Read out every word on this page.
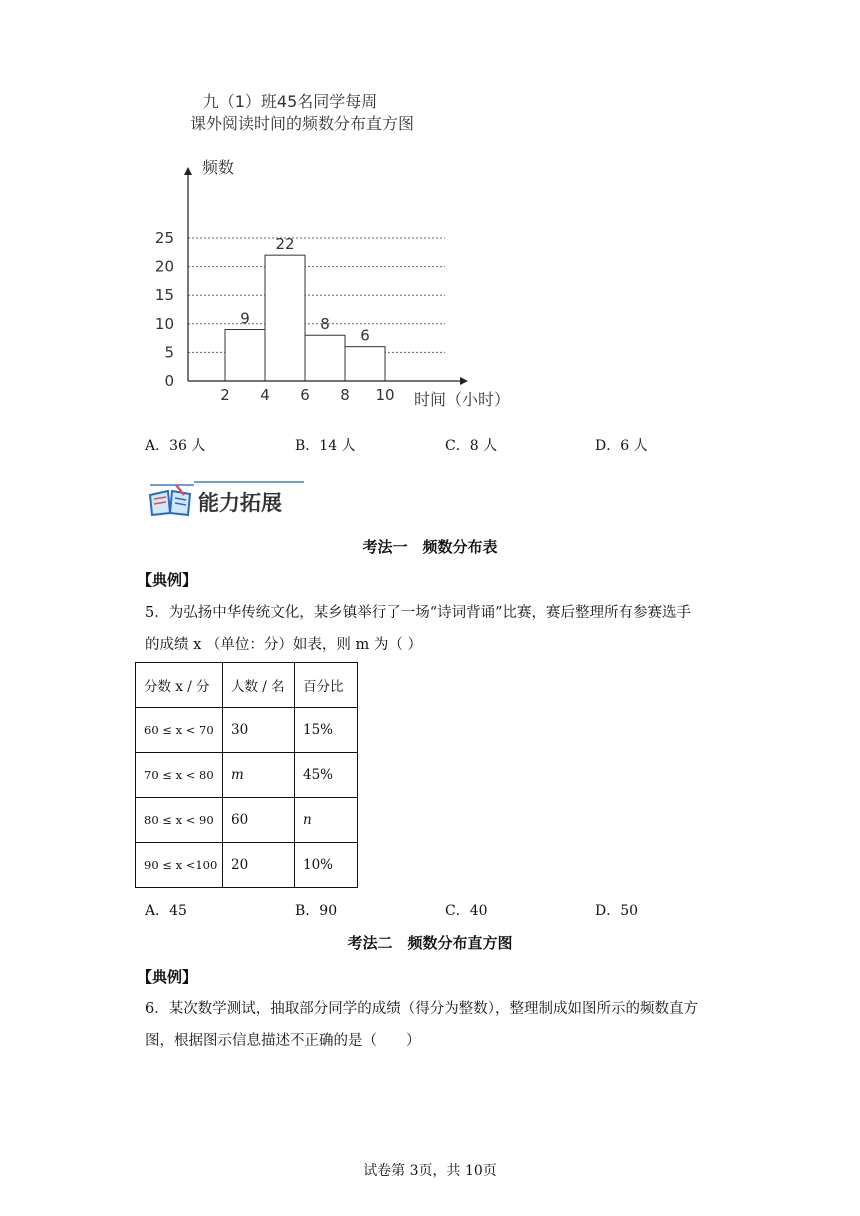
九（1）班45名同学每周
课外阅读时间的频数分布直方图
0
5
10
15
20
25
2 4 6 8 10
9
22
8
6
频数
时间（小时）
A．36 人	B．14 人	C．8 人	D．6 人
能力拓展
考法一　频数分布表
【典例】
5．为弘扬中华传统文化，某乡镇举行了一场“诗词背诵”比赛，赛后整理所有参赛选手
的成绩 x （单位：分）如表，则 m 为（ ）
分数 x / 分	人数 / 名	百分比
60 ≤ x < 70	30	15%
70 ≤ x < 80	m	45%
80 ≤ x < 90	60	n
90 ≤ x <100	20	10%
A．45	B．90	C．40	D．50
考法二　频数分布直方图
【典例】
6．某次数学测试，抽取部分同学的成绩（得分为整数），整理制成如图所示的频数直方
图，根据图示信息描述不正确的是（　　）
试卷第 3页，共 10页
